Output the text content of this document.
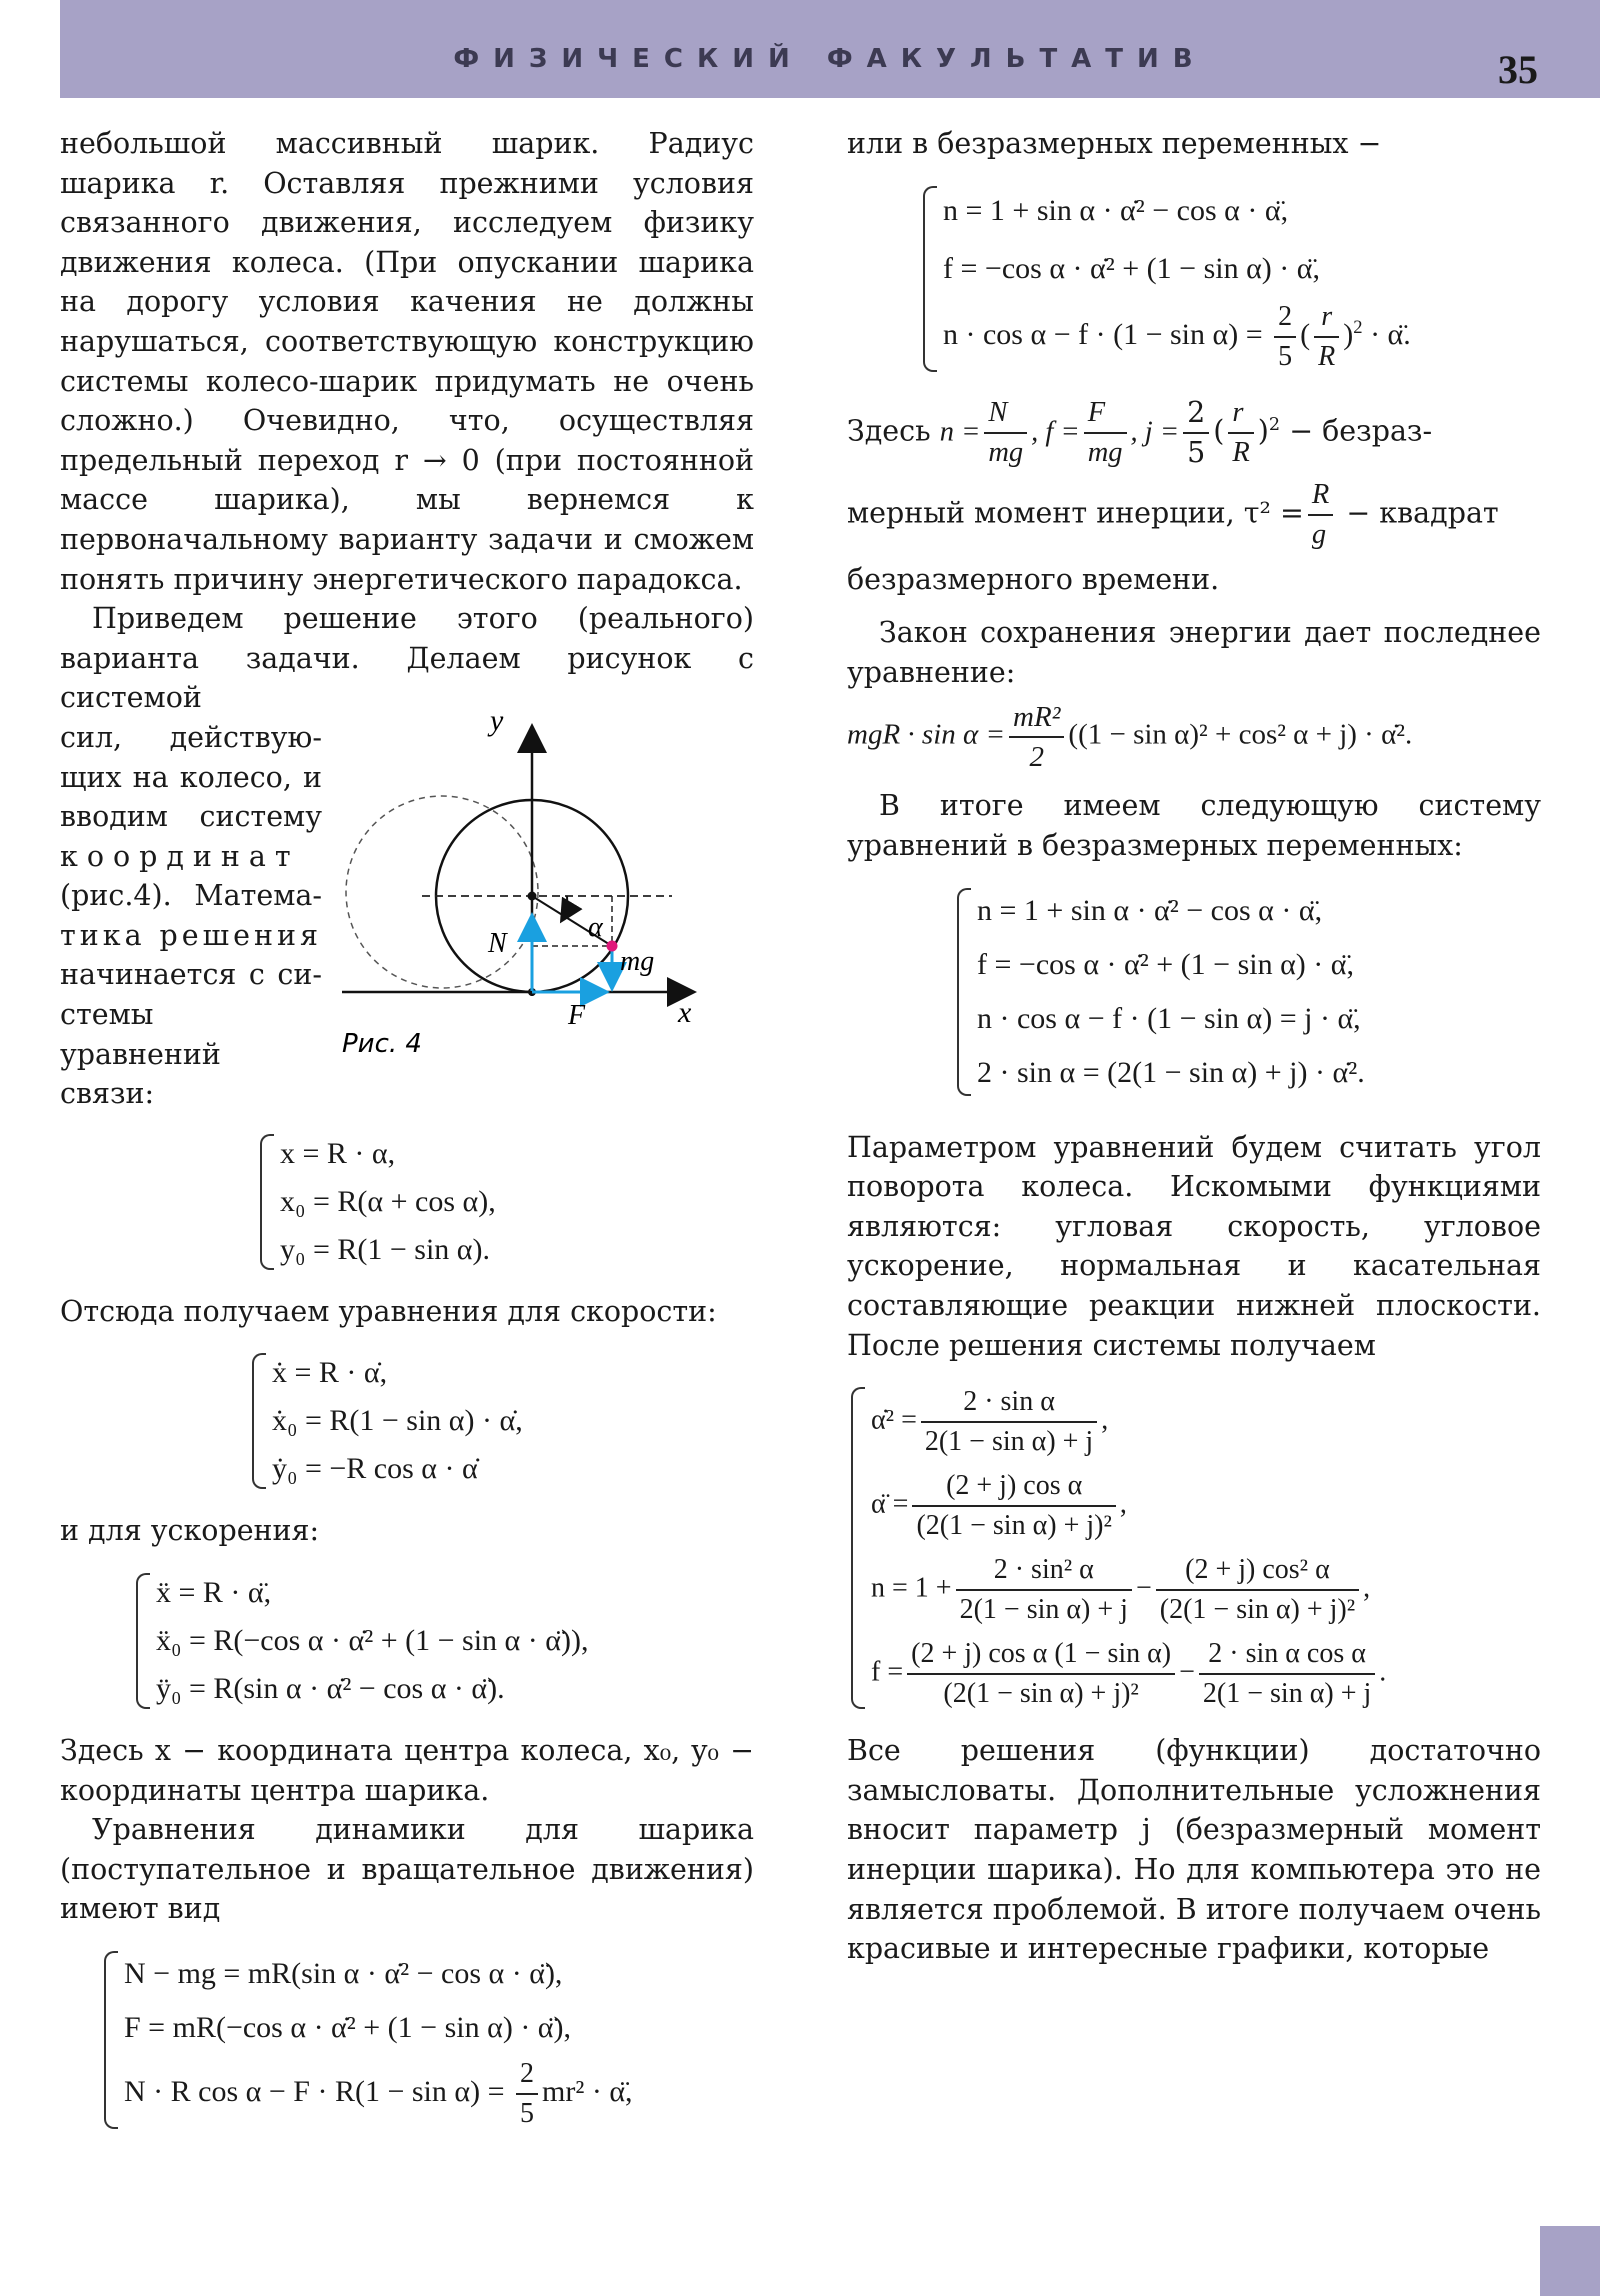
ФИЗИЧЕСКИЙ ФАКУЛЬТАТИВ	35

небольшой массивный шарик. Радиус шарика r. Оставляя прежними условия связанного движения, исследуем физику движения колеса. (При опускании шарика на дорогу условия качения не должны нарушаться, соответствующую конструкцию системы колесо-шарик придумать не очень сложно.) Очевидно, что, осуществляя предельный переход r → 0 (при постоянной массе шарика), мы вернемся к первоначальному варианту задачи и сможем понять причину энергетического парадокса.

Приведем решение этого (реального) варианта задачи. Делаем рисунок с системой

сил, действую-
щих на колесо, и
вводим систему
координат
(рис.4). Матема-
тика решения
начинается с си-
стемы уравнений
связи:
y
x
α
N
F
mg
Рис. 4
x = R · α,
x₀ = R(α + cos α),
y₀ = R(1 − sin α).

Отсюда получаем уравнения для скорости:

ẋ = R · α̇,
ẋ₀ = R(1 − sin α) · α̇,
ẏ₀ = −R cos α · α̇

и для ускорения:

ẍ = R · α̈,
ẍ₀ = R(−cos α · α̇² + (1 − sin α · α̈)),
ÿ₀ = R(sin α · α̇² − cos α · α̈).

Здесь x − координата центра колеса, x₀, y₀ − координаты центра шарика.

Уравнения динамики для шарика (поступательное и вращательное движения) имеют вид

N − mg = mR(sin α · α̇² − cos α · α̈),
F = mR(−cos α · α̇² + (1 − sin α) · α̈),
N · R $\cos \alpha - F \cdot R(1 - \sin \alpha) = \frac{2}{5} mr^2$ · α̈,

или в безразмерных переменных −

n = 1 + sin α · α̇² − cos α · α̈,
f = −cos α · α̇² + (1 − sin α) · α̈,
$n \cdot \cos \alpha - f \cdot (1 - \sin \alpha) = \frac{2}{5}$ ( $\frac{r}{R} )^2$ · α̈.
Здесь $n = \frac{N}{mg}$ , $f = \frac{F}{mg}$ , $j = \frac{2}{5}$ ( $\frac{r}{R} )^2$ − безраз-
мерный момент инерции, $\tau^2 = \frac{R}{g}$ − квадрат

безразмерного времени.

Закон сохранения энергии дает последнее уравнение:

mgR · $\sin \alpha = \frac{\text{mR²}}{2} ((1 - \sin \alpha)^2 + \cos^2$ α + j) · α̇².

В итоге имеем следующую систему уравнений в безразмерных переменных:

n = 1 + sin α · α̇² − cos α · α̈,
f = −cos α · α̇² + (1 − sin α) · α̈,
n · cos α − f · (1 − sin α) = j · α̈,
2 · sin α = (2(1 − sin α) + j) · α̇².

Параметром уравнений будем считать угол поворота колеса. Искомыми функциями являются: угловая скорость, угловое ускорение, нормальная и касательная составляющие реакции нижней плоскости. После решения системы получаем

α̇² = $\frac{\text{2 · sin α}}{\text{2(1 − sin α) + j}}$ ,
α̈ = $\frac{\text{(2 + j) cos α}}{\text{(2(1 − sin α) + j)²}}$ ,
$n = 1 + \frac{\text{2 · sin² α}}{\text{2(1 − sin α) + j}} - \frac{\text{(2 + j) cos² α}}{\text{(2(1 − sin α) + j)²}}$ ,
$f = \frac{\text{(2 + j) cos α (1 − sin α)}}{\text{(2(1 − sin α) + j)²}} - \frac{\text{2 · sin α cos α}}{\text{2(1 − sin α) + j}}$ .

Все решения (функции) достаточно замысловаты. Дополнительные усложнения вносит параметр j (безразмерный момент инерции шарика). Но для компьютера это не является проблемой. В итоге получаем очень красивые и интересные графики, которые
